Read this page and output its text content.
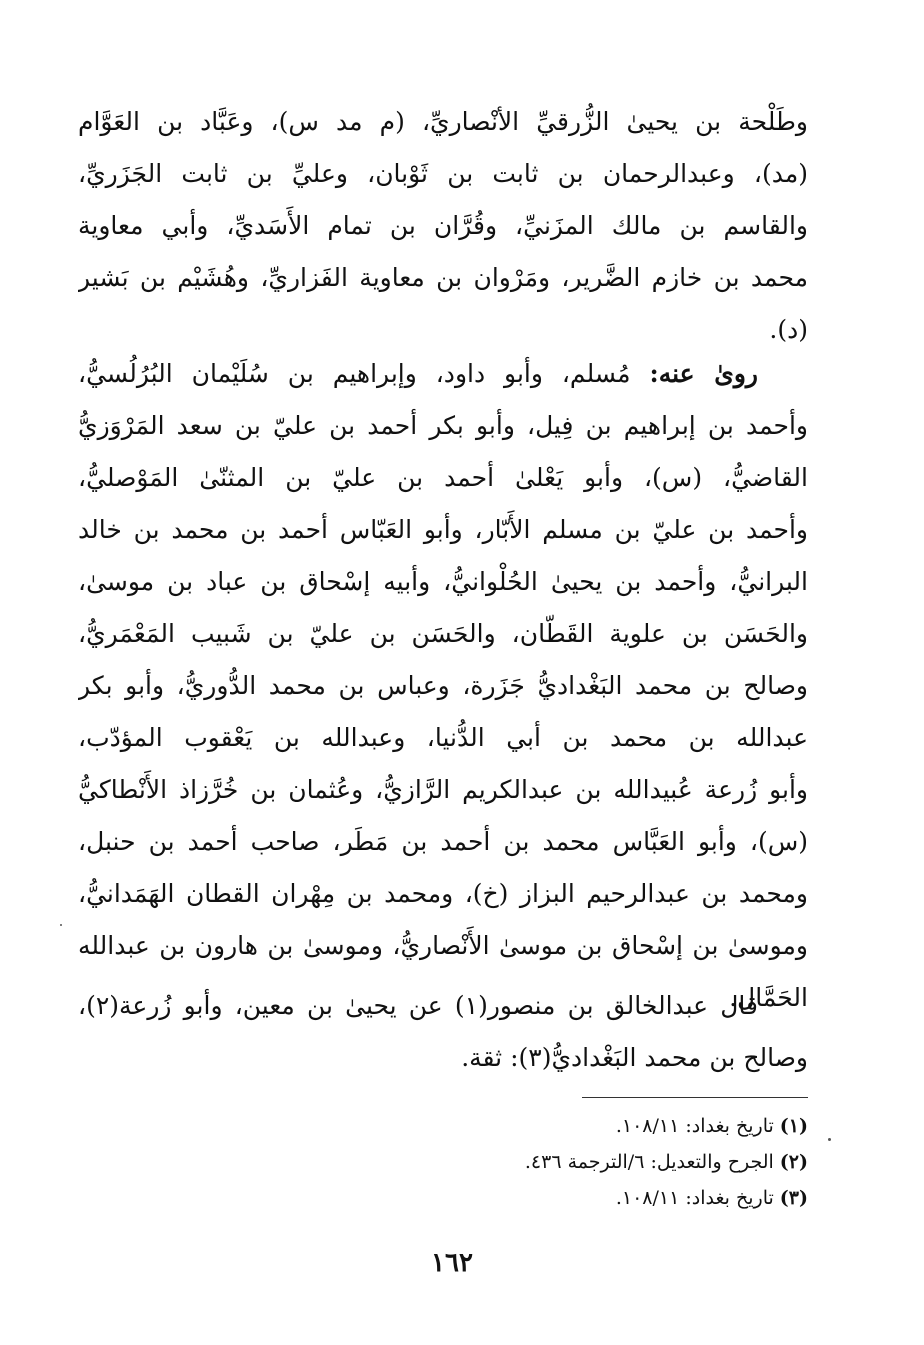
وطَلْحة بن يحيىٰ الزُّرقيِّ الأنْصاريِّ، (م مد س)، وعَبَّاد بن العَوَّام
(مد)، وعبدالرحمان بن ثابت بن ثَوْبان، وعليِّ بن ثابت الجَزَريِّ،
والقاسم بن مالك المزَنيِّ، وقُرَّان بن تمام الأَسَديِّ، وأبي معاوية
محمد بن خازم الضَّرير، ومَرْوان بن معاوية الفَزاريِّ، وهُشَيْم بن بَشير
(د).
روىٰ عنه: مُسلم، وأبو داود، وإبراهيم بن سُلَيْمان البُرُلُسيُّ،
وأحمد بن إبراهيم بن فِيل، وأبو بكر أحمد بن عليّ بن سعد المَرْوَزيُّ
القاضيُّ، (س)، وأبو يَعْلىٰ أحمد بن عليّ بن المثنّىٰ المَوْصليُّ،
وأحمد بن عليّ بن مسلم الأَبّار، وأبو العَبّاس أحمد بن محمد بن خالد
البرانيُّ، وأحمد بن يحيىٰ الحُلْوانيُّ، وأبيه إسْحاق بن عباد بن موسىٰ،
والحَسَن بن علوية القَطّان، والحَسَن بن عليّ بن شَبيب المَعْمَريُّ،
وصالح بن محمد البَغْداديُّ جَزَرة، وعباس بن محمد الدُّوريُّ، وأبو بكر
عبدالله بن محمد بن أبي الدُّنيا، وعبدالله بن يَعْقوب المؤدّب،
وأبو زُرعة عُبيدالله بن عبدالكريم الرَّازيُّ، وعُثمان بن خُرَّزاذ الأَنْطاكيُّ
(س)، وأبو العَبَّاس محمد بن أحمد بن مَطَر، صاحب أحمد بن حنبل،
ومحمد بن عبدالرحيم البزاز (خ)، ومحمد بن مِهْران القطان الهَمَدانيُّ،
وموسىٰ بن إسْحاق بن موسىٰ الأَنْصاريُّ، وموسىٰ بن هارون بن عبدالله
الحَمَّال.
قال عبدالخالق بن منصور(١) عن يحيىٰ بن معين، وأبو زُرعة(٢)،
وصالح بن محمد البَغْداديُّ(٣): ثقة.
(١)تاريخ بغداد: ١٠٨/١١.
(٢)الجرح والتعديل: ٦/الترجمة ٤٣٦.
(٣)تاريخ بغداد: ١٠٨/١١.
١٦٢
